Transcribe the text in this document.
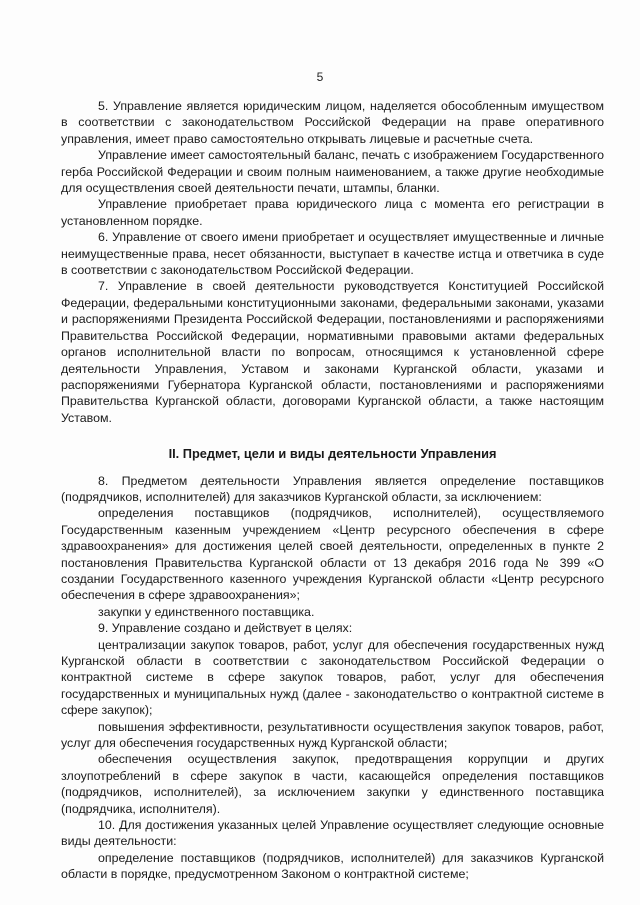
5

5. Управление является юридическим лицом, наделяется обособленным имуществом в соответствии с законодательством Российской Федерации на праве оперативного управления, имеет право самостоятельно открывать лицевые и расчетные счета.

Управление имеет самостоятельный баланс, печать с изображением Государственного герба Российской Федерации и своим полным наименованием, а также другие необходимые для осуществления своей деятельности печати, штампы, бланки.

Управление приобретает права юридического лица с момента его регистрации в установленном порядке.

6. Управление от своего имени приобретает и осуществляет имущественные и личные неимущественные права, несет обязанности, выступает в качестве истца и ответчика в суде в соответствии с законодательством Российской Федерации.

7. Управление в своей деятельности руководствуется Конституцией Российской Федерации, федеральными конституционными законами, федеральными законами, указами и распоряжениями Президента Российской Федерации, постановлениями и распоряжениями Правительства Российской Федерации, нормативными правовыми актами федеральных органов исполнительной власти по вопросам, относящимся к установленной сфере деятельности Управления, Уставом и законами Курганской области, указами и распоряжениями Губернатора Курганской области, постановлениями и распоряжениями Правительства Курганской области, договорами Курганской области, а также настоящим Уставом.

II. Предмет, цели и виды деятельности Управления

8. Предметом деятельности Управления является определение поставщиков (подрядчиков, исполнителей) для заказчиков Курганской области, за исключением:

определения поставщиков (подрядчиков, исполнителей), осуществляемого Государственным казенным учреждением «Центр ресурсного обеспечения в сфере здравоохранения» для достижения целей своей деятельности, определенных в пункте 2 постановления Правительства Курганской области от 13 декабря 2016 года № 399 «О создании Государственного казенного учреждения Курганской области «Центр ресурсного обеспечения в сфере здравоохранения»;

закупки у единственного поставщика.

9. Управление создано и действует в целях:

централизации закупок товаров, работ, услуг для обеспечения государственных нужд Курганской области в соответствии с законодательством Российской Федерации о контрактной системе в сфере закупок товаров, работ, услуг для обеспечения государственных и муниципальных нужд (далее - законодательство о контрактной системе в сфере закупок);

повышения эффективности, результативности осуществления закупок товаров, работ, услуг для обеспечения государственных нужд Курганской области;

обеспечения осуществления закупок, предотвращения коррупции и других злоупотреблений в сфере закупок в части, касающейся определения поставщиков (подрядчиков, исполнителей), за исключением закупки у единственного поставщика (подрядчика, исполнителя).

10. Для достижения указанных целей Управление осуществляет следующие основные виды деятельности:

определение поставщиков (подрядчиков, исполнителей) для заказчиков Курганской области в порядке, предусмотренном Законом о контрактной системе;
